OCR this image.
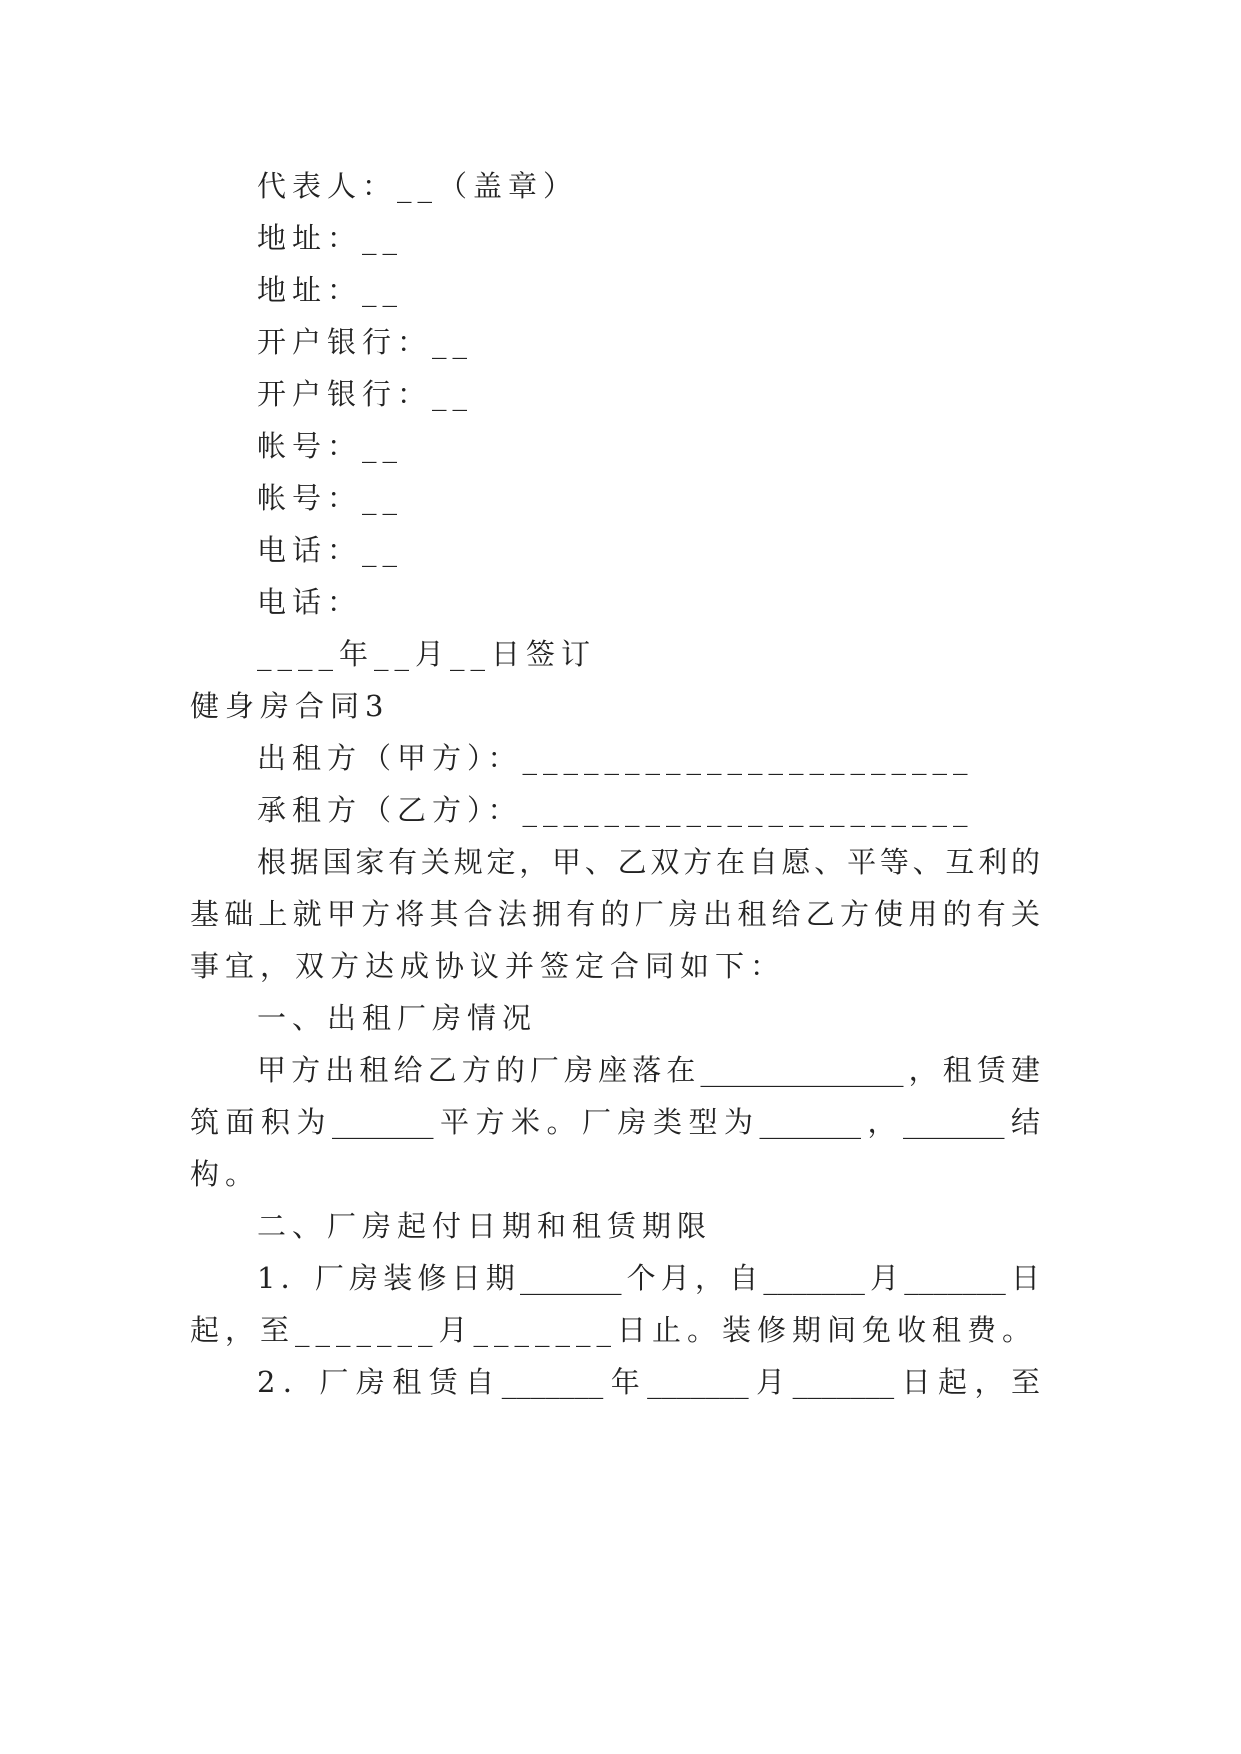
代表人：__（盖章）
地址：__
地址：__
开户银行：__
开户银行：__
帐号：__
帐号：__
电话：__
电话：
____年__月__日签订
健身房合同3
出租方（甲方）：______________________
承租方（乙方）：______________________
根据国家有关规定，甲、乙双方在自愿、平等、互利的
基础上就甲方将其合法拥有的厂房出租给乙方使用的有关
事宜，双方达成协议并签定合同如下：
一、出租厂房情况
甲方出租给乙方的厂房座落在______________，租赁建
筑面积为_______平方米。厂房类型为_______，_______结
构。
二、厂房起付日期和租赁期限
1．厂房装修日期_______个月，自_______月_______日
起，至_______月_______日止。装修期间免收租费。
2．厂房租赁自_______年_______月_______日起，至
